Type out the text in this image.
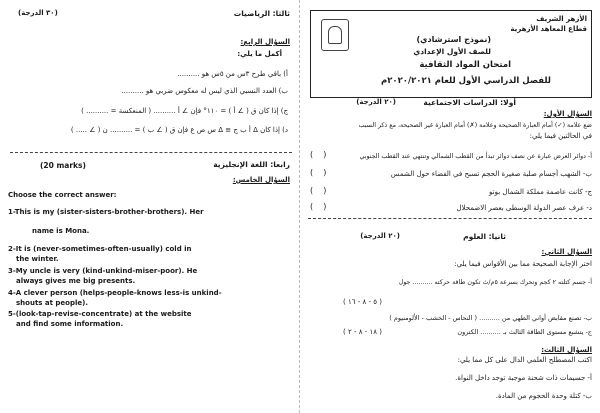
ثالثا: الرياضيات
(٣٠ الدرجة)
السؤال الرابع:
أكمل ما يلي:
أ) باقي طرح ٣س من ٥س هو ..........
ب) العدد النسبي الذي ليس له معكوس ضربي هو ..........
ج) إذا كان ق ( ∠ أ ) = ١١٠° فإن ∠ أ .......... ( المنعكسة = .......... )
د) إذا كان Δ أ ب ج ≡ Δ س ص ع فإن ق ( ∠ ب ) = .......... ن ( ∠ ..... )
رابعا: اللغة الإنجليزية
(20 marks)
السؤال الخامس:
Choose the correct answer:
1-This is my (sister-sisters-brother-brothers). Her
name is Mona.
2-It is (never-sometimes-often-usually) cold in
the winter.
3-My uncle is very (kind-unkind-miser-poor). He
always gives me big presents.
4-A clever person (helps-people-knows less-is unkind-
shouts at people).
5-(look-tap-revise-concentrate) at the website
and find some information.
الأزهر الشريف
قطاع المعاهد الأزهرية
(نموذج استرشادي)
للصف الأول الإعدادي
امتحان المواد الثقافية
للفصل الدراسي الأول للعام ٢٠٢٠/٢٠٢١م
أولا: الدراسات الاجتماعية
(٢٠ الدرجة)
السؤال الأول:
ضع علامة (✓) أمام العبارة الصحيحة وعلامة (✗) أمام العبارة غير الصحيحة، مع ذكر السبب
في الحالتين فيما يلي:
أ- دوائر العرض عبارة عن نصف دوائر تبدأ من القطب الشمالي وتنتهي عند القطب الجنوبي
(    )
ب- الشهب أجسام صلبة صغيرة الحجم تسبح في الفضاء حول الشمس
(    )
ج- كانت عاصمة مملكة الشمال بوتو
(    )
د- عرف عصر الدولة الوسطى بعصر الاضمحلال
(    )
ثانيا: العلوم
(٢٠ الدرجة)
السؤال الثاني:
اختر الإجابة الصحيحة مما بين الأقواس فيما يلي:
أ- جسم كتلته ٢ كجم وتحرك بسرعة ٥م/ث تكون طاقة حركته .......... جول
( ٥ - ٨ - ١٦ )
ب- تصنع مقابض أواني الطهي من .......... ( النحاس - الخشب - الألومنيوم )
ج- يتشبع مستوى الطاقة الثالث بـ .......... الكترون
( ١٨ - ٨ - ٢ )
السؤال الثالث:
اكتب المصطلح العلمي الدال على كل مما يلي:
أ- جسيمات ذات شحنة موجبة توجد داخل النواة.
ب- كتلة وحدة الحجوم من المادة.
